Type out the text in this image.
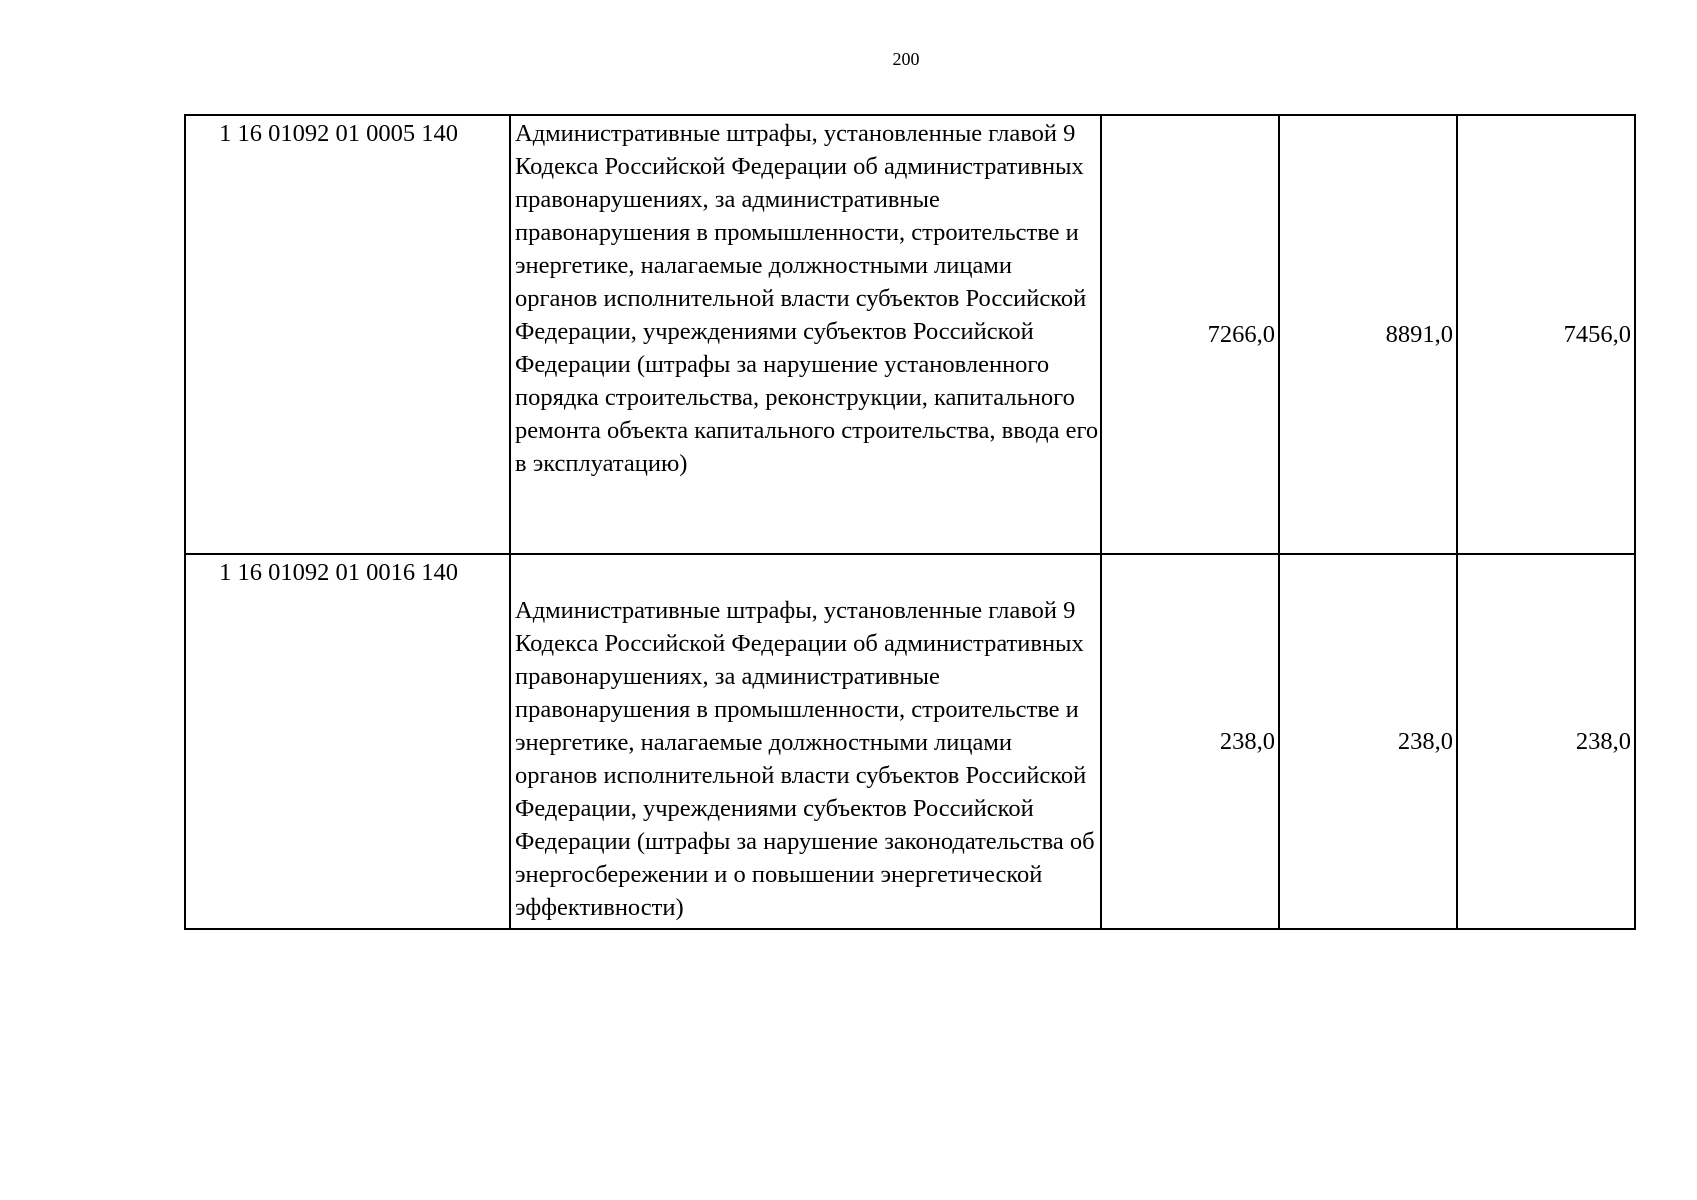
200
1 16 01092 01 0005 140	Административные штрафы, установленные главой 9 Кодекса Российской Федерации об административных правонарушениях, за административные правонарушения в промышленности, строительстве и энергетике, налагаемые должностными лицами органов исполнительной власти субъектов Российской Федерации, учреждениями субъектов Российской Федерации (штрафы за нарушение установленного порядка строительства, реконструкции, капитального ремонта объекта капитального строительства, ввода его в эксплуатацию)	7266,0	8891,0	7456,0
1 16 01092 01 0016 140	Административные штрафы, установленные главой 9 Кодекса Российской Федерации об административных правонарушениях, за административные правонарушения в промышленности, строительстве и энергетике, налагаемые должностными лицами органов исполнительной власти субъектов Российской Федерации, учреждениями субъектов Российской Федерации (штрафы за нарушение законодательства об энергосбережении и о повышении энергетической эффективности)	238,0	238,0	238,0
